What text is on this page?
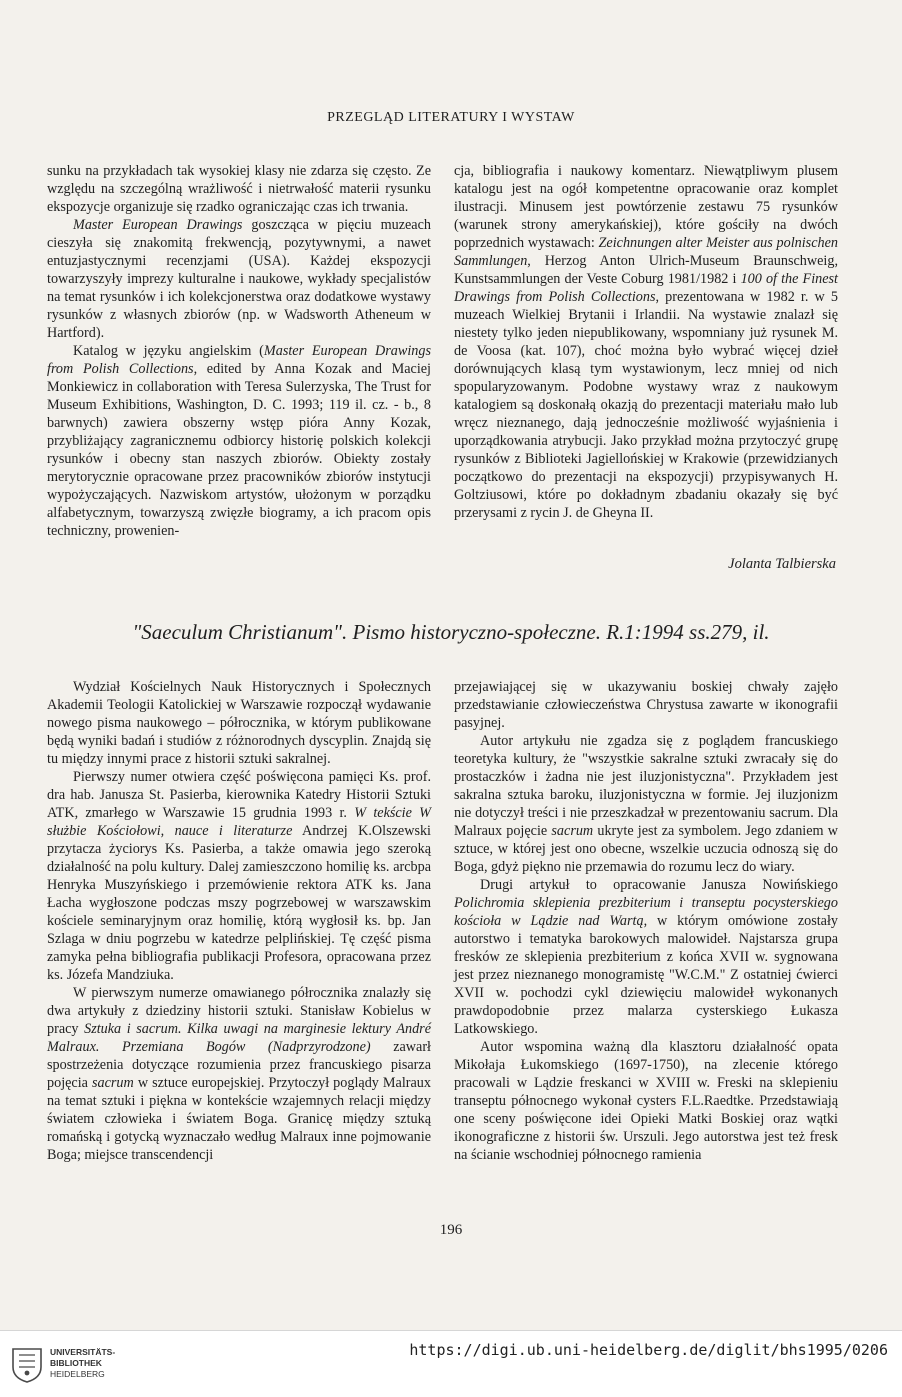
PRZEGLĄD LITERATURY I WYSTAW

sunku na przykładach tak wysokiej klasy nie zdarza się często. Ze względu na szczególną wrażliwość i nietrwałość materii rysunku ekspozycje organizuje się rzadko ograniczając czas ich trwania.

Master European Drawings goszcząca w pięciu muzeach cieszyła się znakomitą frekwencją, pozytywnymi, a nawet entuzjastycznymi recenzjami (USA). Każdej ekspozycji towarzyszyły imprezy kulturalne i naukowe, wykłady specjalistów na temat rysunków i ich kolekcjonerstwa oraz dodatkowe wystawy rysunków z własnych zbiorów (np. w Wadsworth Atheneum w Hartford).

Katalog w języku angielskim (Master European Drawings from Polish Collections, edited by Anna Kozak and Maciej Monkiewicz in collaboration with Teresa Sulerzyska, The Trust for Museum Exhibitions, Washington, D. C. 1993; 119 il. cz. - b., 8 barwnych) zawiera obszerny wstęp pióra Anny Kozak, przybliżający zagranicznemu odbiorcy historię polskich kolekcji rysunków i obecny stan naszych zbiorów. Obiekty zostały merytorycznie opracowane przez pracowników zbiorów instytucji wypożyczających. Nazwiskom artystów, ułożonym w porządku alfabetycznym, towarzyszą zwięzłe biogramy, a ich pracom opis techniczny, prowenien-

cja, bibliografia i naukowy komentarz. Niewątpliwym plusem katalogu jest na ogół kompetentne opracowanie oraz komplet ilustracji. Minusem jest powtórzenie zestawu 75 rysunków (warunek strony amerykańskiej), które gościły na dwóch poprzednich wystawach: Zeichnungen alter Meister aus polnischen Sammlungen, Herzog Anton Ulrich-Museum Braunschweig, Kunstsammlungen der Veste Coburg 1981/1982 i 100 of the Finest Drawings from Polish Collections, prezentowana w 1982 r. w 5 muzeach Wielkiej Brytanii i Irlandii. Na wystawie znalazł się niestety tylko jeden niepublikowany, wspomniany już rysunek M. de Voosa (kat. 107), choć można było wybrać więcej dzieł dorównujących klasą tym wystawionym, lecz mniej od nich spopularyzowanym. Podobne wystawy wraz z naukowym katalogiem są doskonałą okazją do prezentacji materiału mało lub wręcz nieznanego, dają jednocześnie możliwość wyjaśnienia i uporządkowania atrybucji. Jako przykład można przytoczyć grupę rysunków z Biblioteki Jagiellońskiej w Krakowie (przewidzianych początkowo do prezentacji na ekspozycji) przypisywanych H. Goltziusowi, które po dokładnym zbadaniu okazały się być przerysami z rycin J. de Gheyna II.

Jolanta Talbierska
"Saeculum Christianum". Pismo historyczno-społeczne. R.1:1994 ss.279, il.

Wydział Kościelnych Nauk Historycznych i Społecznych Akademii Teologii Katolickiej w Warszawie rozpoczął wydawanie nowego pisma naukowego – półrocznika, w którym publikowane będą wyniki badań i studiów z różnorodnych dyscyplin. Znajdą się tu między innymi prace z historii sztuki sakralnej.

Pierwszy numer otwiera część poświęcona pamięci Ks. prof. dra hab. Janusza St. Pasierba, kierownika Katedry Historii Sztuki ATK, zmarłego w Warszawie 15 grudnia 1993 r. W tekście W służbie Kościołowi, nauce i literaturze Andrzej K.Olszewski przytacza życiorys Ks. Pasierba, a także omawia jego szeroką działalność na polu kultury. Dalej zamieszczono homilię ks. arcbpa Henryka Muszyńskiego i przemówienie rektora ATK ks. Jana Łacha wygłoszone podczas mszy pogrzebowej w warszawskim kościele seminaryjnym oraz homilię, którą wygłosił ks. bp. Jan Szlaga w dniu pogrzebu w katedrze pelplińskiej. Tę część pisma zamyka pełna bibliografia publikacji Profesora, opracowana przez ks. Józefa Mandziuka.

W pierwszym numerze omawianego półrocznika znalazły się dwa artykuły z dziedziny historii sztuki. Stanisław Kobielus w pracy Sztuka i sacrum. Kilka uwagi na marginesie lektury André Malraux. Przemiana Bogów (Nadprzyrodzone) zawarł spostrzeżenia dotyczące rozumienia przez francuskiego pisarza pojęcia sacrum w sztuce europejskiej. Przytoczył poglądy Malraux na temat sztuki i piękna w kontekście wzajemnych relacji między światem człowieka i światem Boga. Granicę między sztuką romańską i gotycką wyznaczało według Malraux inne pojmowanie Boga; miejsce transcendencji

przejawiającej się w ukazywaniu boskiej chwały zajęło przedstawianie człowieczeństwa Chrystusa zawarte w ikonografii pasyjnej.

Autor artykułu nie zgadza się z poglądem francuskiego teoretyka kultury, że "wszystkie sakralne sztuki zwracały się do prostaczków i żadna nie jest iluzjonistyczna". Przykładem jest sakralna sztuka baroku, iluzjonistyczna w formie. Jej iluzjonizm nie dotyczył treści i nie przeszkadzał w prezentowaniu sacrum. Dla Malraux pojęcie sacrum ukryte jest za symbolem. Jego zdaniem w sztuce, w której jest ono obecne, wszelkie uczucia odnoszą się do Boga, gdyż piękno nie przemawia do rozumu lecz do wiary.

Drugi artykuł to opracowanie Janusza Nowińskiego Polichromia sklepienia prezbiterium i transeptu pocysterskiego kościoła w Lądzie nad Wartą, w którym omówione zostały autorstwo i tematyka barokowych malowideł. Najstarsza grupa fresków ze sklepienia prezbiterium z końca XVII w. sygnowana jest przez nieznanego monogramistę "W.C.M." Z ostatniej ćwierci XVII w. pochodzi cykl dziewięciu malowideł wykonanych prawdopodobnie przez malarza cysterskiego Łukasza Latkowskiego.

Autor wspomina ważną dla klasztoru działalność opata Mikołaja Łukomskiego (1697-1750), na zlecenie którego pracowali w Lądzie freskanci w XVIII w. Freski na sklepieniu transeptu północnego wykonał cysters F.L.Raedtke. Przedstawiają one sceny poświęcone idei Opieki Matki Boskiej oraz wątki ikonograficzne z historii św. Urszuli. Jego autorstwa jest też fresk na ścianie wschodniej północnego ramienia

196
UNIVERSITÄTS-
BIBLIOTHEK
HEIDELBERG
https://digi.ub.uni-heidelberg.de/diglit/bhs1995/0206
